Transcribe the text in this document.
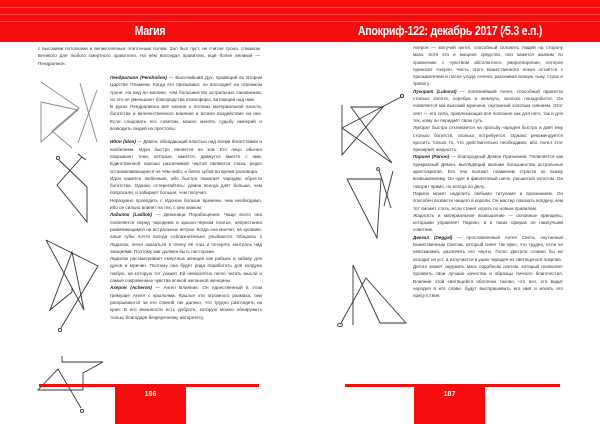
Магия
с высокими потолками и великолепным плиточным полом. Зал был пуст, не считая трона, слишком великого для любого смертного правителя. На нём восседал правитель ещё более великий — Пендралион.

Пендралион (Pendralion) — Высочайший Дух, правящий во Втором Царстве Пламени. Когда его призывают, он восседает на огромном троне. На вид он моложе, чем большинство астральных сановников, но это не уменьшает благородства атмосферы, витающей над ним.

В руках Пендралиона всё знание о потоках материальной власти, богатства и величественного влияния и всякое воздействие на них. Если следовать его советам, можно менять судьбу империй и возводить людей на престолы.

Идон (Idon) — Демон, обладающий властью над всеми богатствами и изобилием. Идон быстро является на зов. Его лицо обычно покрывают тени, которые, кажется, движутся вместе с ним. Единственной хорошо различимой чертой являются глаза, редко останавливающиеся на чём-либо, и блеск зубов во время разговора.

Идон кажется любезным, ибо быстро помогает чародею обрести богатства. Однако остерегайтесь: демон всегда даёт больше, чем попросили, и забирает больше, чем получил.

Неразумно проводить с Идоном больше времени, чем необходимо, ибо он сильно влияет на тех, с кем знаком.

Ладилок (Ladilok) — Демоница Порабощения. Чаще всего она появляется перед чародеем в красно-чёрном платье, непрестанно развевающемся на астральных ветрах. Когда она молчит, её кроваво-алые губы почти всегда соблазнительно улыбаются. Общаясь с Ладилок, легко оказаться в плену её глаз и потерять контроль над эмоциями. Поэтому маг должен быть настороже.

Ладилок рассматривает смертных женщин как рабынь и забаву для духов и мужчин. Поэтому она будет рада поработить для колдуна любую, на которую тот укажет. Ей невероятно легко читать мысли и самые сокровенные чувства всякой желанной женщины.

Ахерон (Acheron) — Ангел Влияния. Он единственный в этом гримуаре Ангел с крыльями. Крылья эти огромного размаха, они раскрываются за его спиной так далеко, что трудно разглядеть их края. В его внешности есть доброта, которую можно обнаружить только благодаря безупречному авторитету.

186
Апокриф-122: декабрь 2017 (⁄5.3 е.п.)

Ахерон — могучий ангел, способный склонить людей на сторону мага. Хотя это и мощное средство, оно кажется жалким по сравнению с чувством абсолютного умиротворения, которое приносит Ахерон. Часть этого Божественного покоя остаётся с призывателем и после ухода Ангела, рассеивая всякую тьму, страх и тревогу.

Лукорат (Lukorat) — полезнейший Ангел, способный принести столько золота, серебра и жемчуга, сколько понадобится. Он появляется как высокий мужчина, окутанный золотым сиянием. Этот свет — его сила, привлекающая всё полезное как для него, так и для тех, кому он передаёт свою суть.

Лукорат быстро откликается на просьбу чародея быстро и даёт ему столько богатств, сколько потребуется. Однако рекомендуется просить только то, что действительно необходимо, ибо Ангел этот презирает жадность.

Парион (Parion) — благородный Демон Признания. Появляется как прекрасный Демон, выглядящий моложе большинства астральных аристократов. Его очи пылают пламенем страсти ко всему возвышенному. Он одет в фиолетовый шёлк, расшитый золотом. Он говорит прямо, но всегда по делу.

Парион может наделить любыми титулами и признанием. Он способен возвести нищего в короли. Он мастер показать колдуну, кем тот сможет стать, если станет играть по новым правилам.

Жадность и материальное возвышение — основные принципы, которыми управляет Парион, и в таких сферах он наилучший советник.

Деггал (Deggal) — прославленный Ангел Света, окутанный Божественным Светом, который сияет так ярко, что трудно, если не невозможно, различить его черты. Голос Деггала словно бы не исходит из уст, а излучается в ушах чародея из светящегося покрова.

Деггал может окружить мага подобным светом, который позволяет проявить свои лучшие качества и образцы личного благочестия. Влияние этой светящейся оболочки таково, что все, кто видит чародея в его славе, будут выспрашивать его имя и искать его присутствия.

187
